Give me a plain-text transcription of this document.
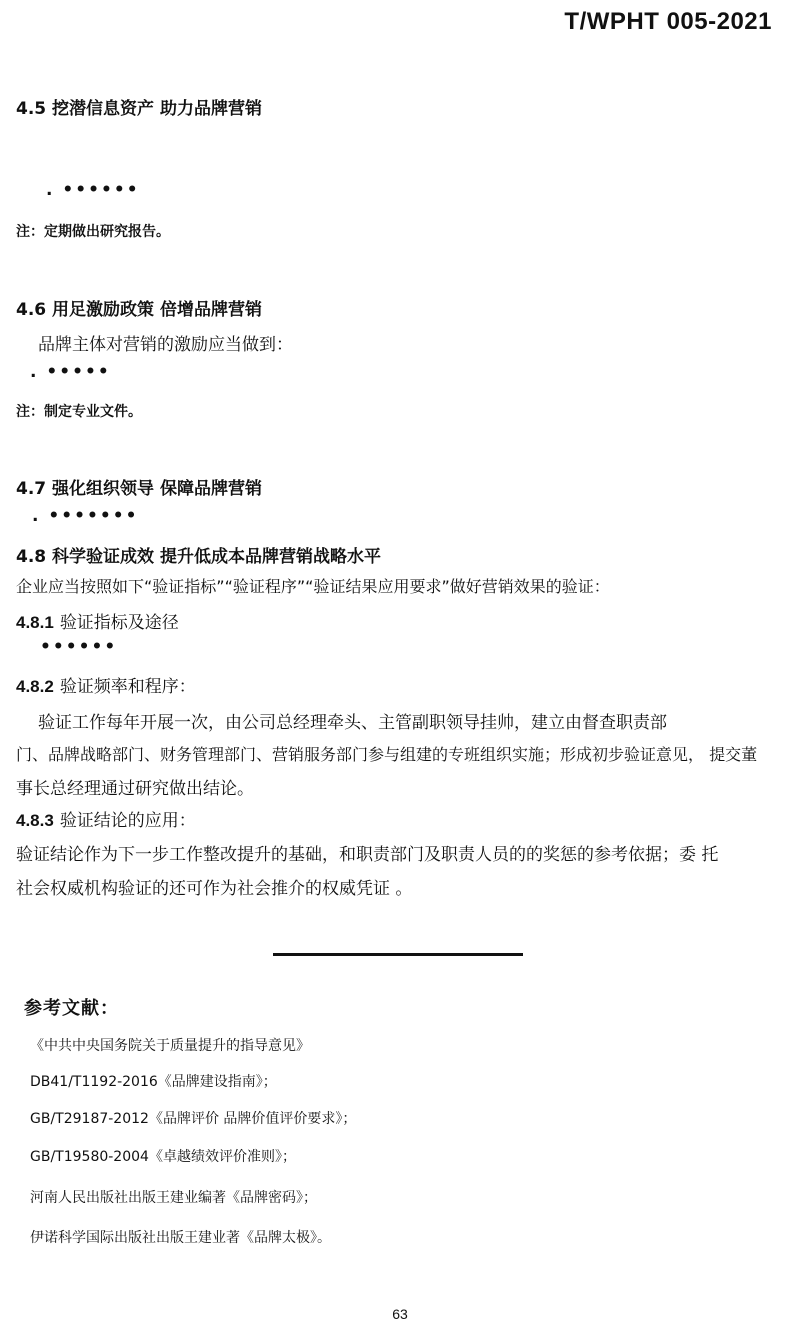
T/WPHT 005-2021
4.5 挖潜信息资产 助力品牌营销
. ••••••
注：定期做出研究报告。
4.6 用足激励政策 倍增品牌营销
品牌主体对营销的激励应当做到：
. •••••
注：制定专业文件。
4.7 强化组织领导 保障品牌营销
. •••••••
4.8 科学验证成效 提升低成本品牌营销战略水平
企业应当按照如下“验证指标”“验证程序”“验证结果应用要求”做好营销效果的验证：
4.8.1 验证指标及途径
••••••
4.8.2 验证频率和程序：
验证工作每年开展一次，由公司总经理牵头、主管副职领导挂帅，建立由督查职责部
门、品牌战略部门、财务管理部门、营销服务部门参与组建的专班组织实施；形成初步验证意见， 提交董
事长总经理通过研究做出结论。
4.8.3 验证结论的应用：
验证结论作为下一步工作整改提升的基础，和职责部门及职责人员的的奖惩的参考依据；委 托
社会权威机构验证的还可作为社会推介的权威凭证 。
参考文献：
《中共中央国务院关于质量提升的指导意见》
DB41/T1192-2016《品牌建设指南》；
GB/T29187-2012《品牌评价 品牌价值评价要求》；
GB/T19580-2004《卓越绩效评价准则》；
河南人民出版社出版王建业编著《品牌密码》；
伊诺科学国际出版社出版王建业著《品牌太极》。
63
